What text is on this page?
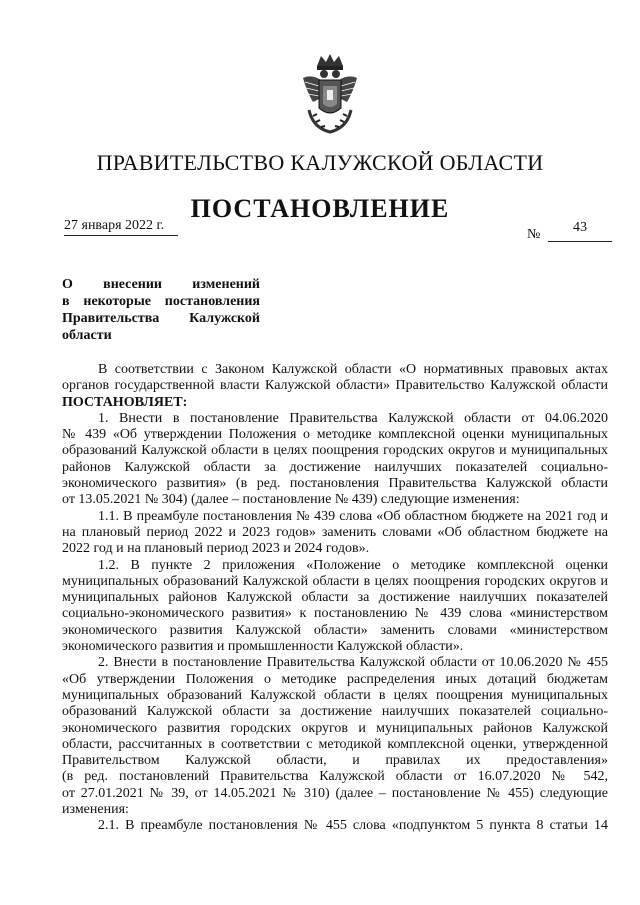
ПРАВИТЕЛЬСТВО КАЛУЖСКОЙ ОБЛАСТИ
ПОСТАНОВЛЕНИЕ
27 января 2022 г.
№	43
О внесении изменений
в некоторые постановления
Правительства Калужской
области
В соответствии с Законом Калужской области «О нормативных правовых актах
органов государственной власти Калужской области» Правительство Калужской области
ПОСТАНОВЛЯЕТ:
1. Внести в постановление Правительства Калужской области от 04.06.2020
№ 439 «Об утверждении Положения о методике комплексной оценки муниципальных
образований Калужской области в целях поощрения городских округов и муниципальных
районов Калужской области за достижение наилучших показателей социально-
экономического развития» (в ред. постановления Правительства Калужской области
от 13.05.2021 № 304) (далее – постановление № 439) следующие изменения:
1.1. В преамбуле постановления № 439 слова «Об областном бюджете на 2021 год и
на плановый период 2022 и 2023 годов» заменить словами «Об областном бюджете на
2022 год и на плановый период 2023 и 2024 годов».
1.2. В пункте 2 приложения «Положение о методике комплексной оценки
муниципальных образований Калужской области в целях поощрения городских округов и
муниципальных районов Калужской области за достижение наилучших показателей
социально-экономического развития» к постановлению № 439 слова «министерством
экономического развития Калужской области» заменить словами «министерством
экономического развития и промышленности Калужской области».
2. Внести в постановление Правительства Калужской области от 10.06.2020 № 455
«Об утверждении Положения о методике распределения иных дотаций бюджетам
муниципальных образований Калужской области в целях поощрения муниципальных
образований Калужской области за достижение наилучших показателей социально-
экономического развития городских округов и муниципальных районов Калужской
области, рассчитанных в соответствии с методикой комплексной оценки, утвержденной
Правительством Калужской области, и правилах их предоставления»
(в ред. постановлений Правительства Калужской области от 16.07.2020 № 542,
от 27.01.2021 № 39, от 14.05.2021 № 310) (далее – постановление № 455) следующие
изменения:
2.1. В преамбуле постановления № 455 слова «подпунктом 5 пункта 8 статьи 14
